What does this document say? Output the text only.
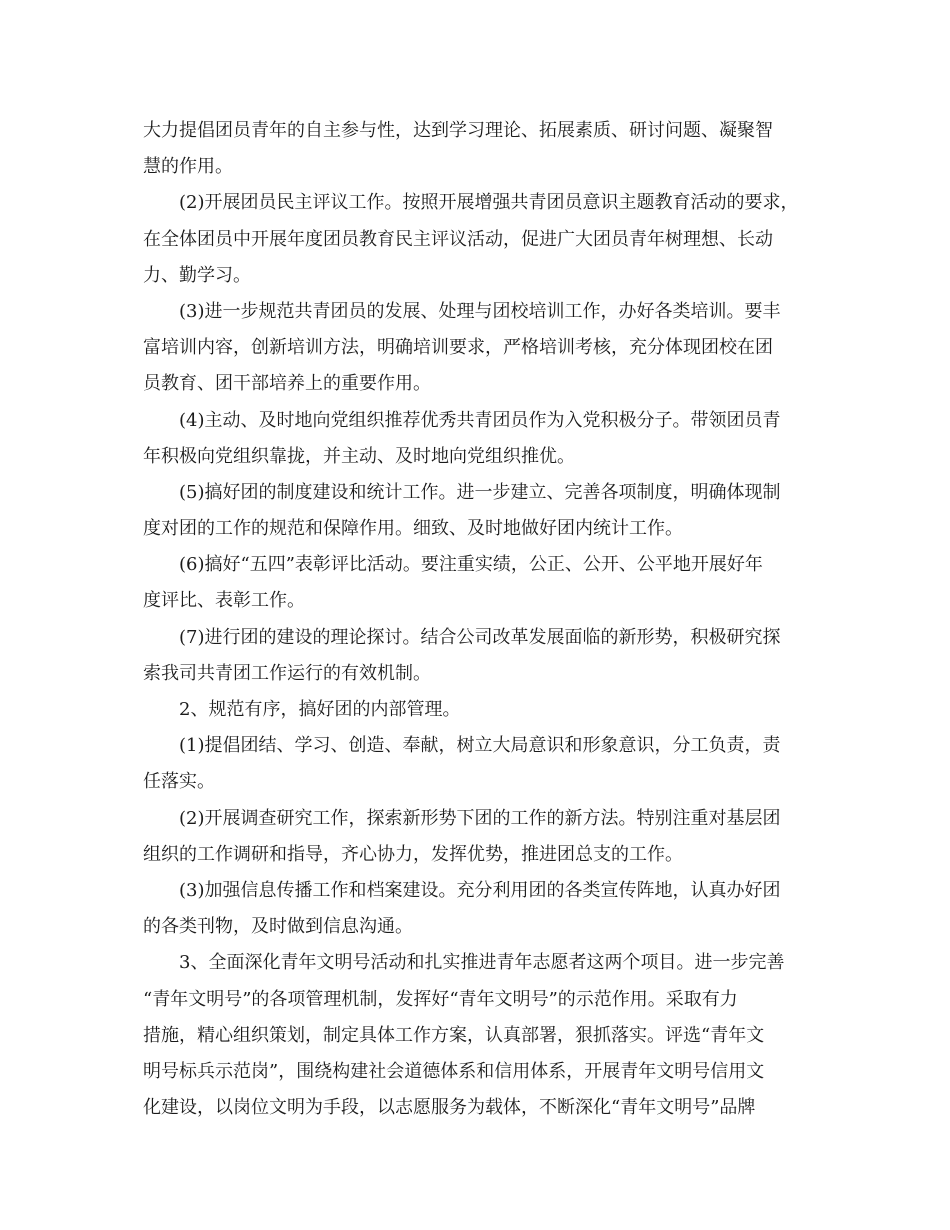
大力提倡团员青年的自主参与性，达到学习理论、拓展素质、研讨问题、凝聚智
慧的作用。
(2)开展团员民主评议工作。按照开展增强共青团员意识主题教育活动的要求，
在全体团员中开展年度团员教育民主评议活动，促进广大团员青年树理想、长动
力、勤学习。
(3)进一步规范共青团员的发展、处理与团校培训工作，办好各类培训。要丰
富培训内容，创新培训方法，明确培训要求，严格培训考核，充分体现团校在团
员教育、团干部培养上的重要作用。
(4)主动、及时地向党组织推荐优秀共青团员作为入党积极分子。带领团员青
年积极向党组织靠拢，并主动、及时地向党组织推优。
(5)搞好团的制度建设和统计工作。进一步建立、完善各项制度，明确体现制
度对团的工作的规范和保障作用。细致、及时地做好团内统计工作。
(6)搞好“五四”表彰评比活动。要注重实绩，公正、公开、公平地开展好年
度评比、表彰工作。
(7)进行团的建设的理论探讨。结合公司改革发展面临的新形势，积极研究探
索我司共青团工作运行的有效机制。
2、规范有序，搞好团的内部管理。
(1)提倡团结、学习、创造、奉献，树立大局意识和形象意识，分工负责，责
任落实。
(2)开展调查研究工作，探索新形势下团的工作的新方法。特别注重对基层团
组织的工作调研和指导，齐心协力，发挥优势，推进团总支的工作。
(3)加强信息传播工作和档案建设。充分利用团的各类宣传阵地，认真办好团
的各类刊物，及时做到信息沟通。
3、全面深化青年文明号活动和扎实推进青年志愿者这两个项目。进一步完善
“青年文明号”的各项管理机制，发挥好“青年文明号”的示范作用。采取有力
措施，精心组织策划，制定具体工作方案，认真部署，狠抓落实。评选“青年文
明号标兵示范岗”，围绕构建社会道德体系和信用体系，开展青年文明号信用文
化建设，以岗位文明为手段，以志愿服务为载体，不断深化“青年文明号”品牌
